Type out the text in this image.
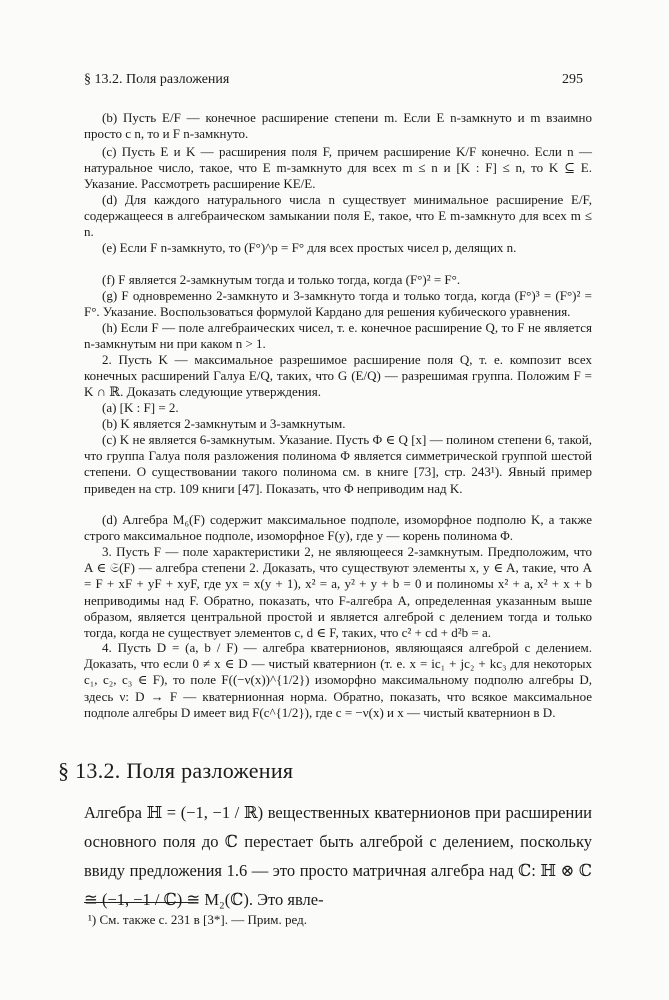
§ 13.2. Поля разложения	295

(b) Пусть E/F — конечное расширение степени m. Если E n-замкнуто и m взаимно просто с n, то и F n-замкнуто.

(c) Пусть E и K — расширения поля F, причем расширение K/F конечно. Если n — натуральное число, такое, что E m-замкнуто для всех m ≤ n и [K : F] ≤ n, то K ⊆ E. Указание. Рассмотреть расширение KE/E.

(d) Для каждого натурального числа n существует минимальное расширение E/F, содержащееся в алгебраическом замыкании поля E, такое, что E m-замкнуто для всех m ≤ n.

(e) Если F n-замкнуто, то (F°)^p = F° для всех простых чисел p, делящих n.

(f) F является 2-замкнутым тогда и только тогда, когда (F°)² = F°.

(g) F одновременно 2-замкнуто и 3-замкнуто тогда и только тогда, когда (F°)³ = (F°)² = F°. Указание. Воспользоваться формулой Кардано для решения кубического уравнения.

(h) Если F — поле алгебраических чисел, т. е. конечное расширение Q, то F не является n-замкнутым ни при каком n > 1.

2. Пусть K — максимальное разрешимое расширение поля Q, т. е. композит всех конечных расширений Галуа E/Q, таких, что G (E/Q) — разрешимая группа. Положим F = K ∩ ℝ. Доказать следующие утверждения.

(a) [K : F] = 2.

(b) K является 2-замкнутым и 3-замкнутым.

(c) K не является 6-замкнутым. Указание. Пусть Φ ∈ Q [x] — полином степени 6, такой, что группа Галуа поля разложения полинома Φ является симметрической группой шестой степени. О существовании такого полинома см. в книге [73], стр. 243¹). Явный пример приведен на стр. 109 книги [47]. Показать, что Φ неприводим над K.

(d) Алгебра M₆(F) содержит максимальное подполе, изоморфное подполю K, а также строго максимальное подполе, изоморфное F(y), где y — корень полинома Φ.

3. Пусть F — поле характеристики 2, не являющееся 2-замкнутым. Предположим, что A ∈ 𝔖(F) — алгебра степени 2. Доказать, что существуют элементы x, y ∈ A, такие, что A = F + xF + yF + xyF, где yx = x(y + 1), x² = a, y² + y + b = 0 и полиномы x² + a, x² + x + b неприводимы над F. Обратно, показать, что F-алгебра A, определенная указанным выше образом, является центральной простой и является алгеброй с делением тогда и только тогда, когда не существует элементов c, d ∈ F, таких, что c² + cd + d²b = a.

4. Пусть D = (a, b / F) — алгебра кватернионов, являющаяся алгеброй с делением. Доказать, что если 0 ≠ x ∈ D — чистый кватернион (т. е. x = ic₁ + jc₂ + kc₃ для некоторых c₁, c₂, c₃ ∈ F), то поле F((−ν(x))^{1/2}) изоморфно максимальному подполю алгебры D, здесь ν: D → F — кватернионная норма. Обратно, показать, что всякое максимальное подполе алгебры D имеет вид F(c^{1/2}), где c = −ν(x) и x — чистый кватернион в D.

§ 13.2. Поля разложения

Алгебра ℍ = (−1, −1 / ℝ) вещественных кватернионов при расширении основного поля до ℂ перестает быть алгеброй с делением, поскольку ввиду предложения 1.6 — это просто матричная алгебра над ℂ: ℍ ⊗ ℂ ≅ (−1, −1 / ℂ) ≅ M₂(ℂ). Это явле-

¹) См. также с. 231 в [3*]. — Прим. ред.
